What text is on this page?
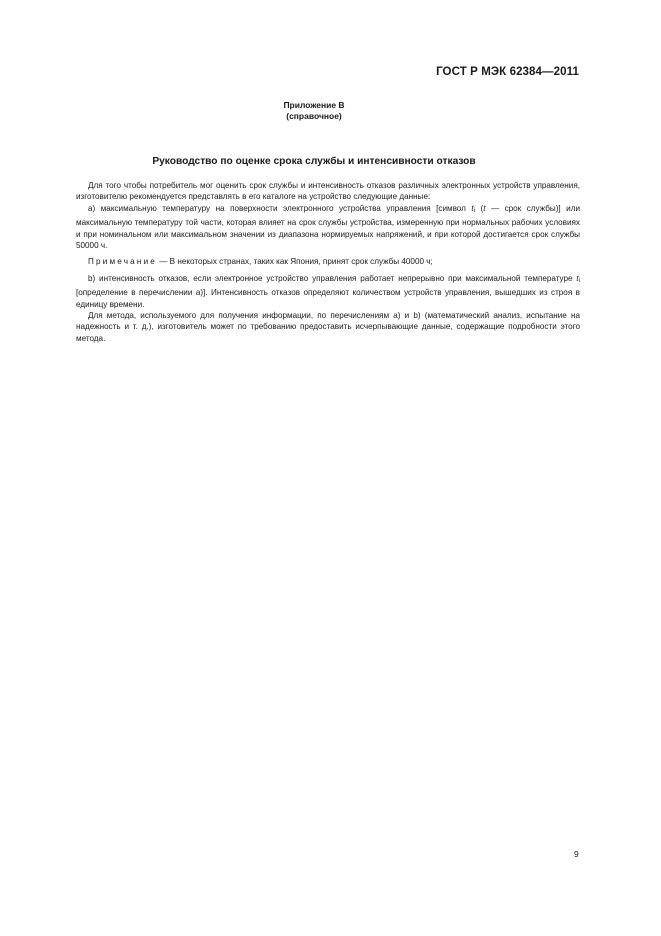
ГОСТ Р МЭК 62384—2011
Приложение В
(справочное)
Руководство по оценке срока службы и интенсивности отказов

Для того чтобы потребитель мог оценить срок службы и интенсивность отказов различных электронных устройств управления, изготовителю рекомендуется представлять в его каталоге на устройство следующие данные:

a) максимальную температуру на поверхности электронного устройства управления [символ ti (t — срок службы)] или максимальную температуру той части, которая влияет на срок службы устройства, измеренную при нормальных рабочих условиях и при номинальном или максимальном значении из диапазона нормируемых напряжений, и при которой достигается срок службы 50000 ч.

Примечание — В некоторых странах, таких как Япония, принят срок службы 40000 ч;

b) интенсивность отказов, если электронное устройство управления работает непрерывно при максимальной температуре ti [определение в перечислении a)]. Интенсивность отказов определяют количеством устройств управления, вышедших из строя в единицу времени.

Для метода, используемого для получения информации, по перечислениям a) и b) (математический анализ, испытание на надежность и т. д.), изготовитель может по требованию предоставить исчерпывающие данные, содержащие подробности этого метода.

9
